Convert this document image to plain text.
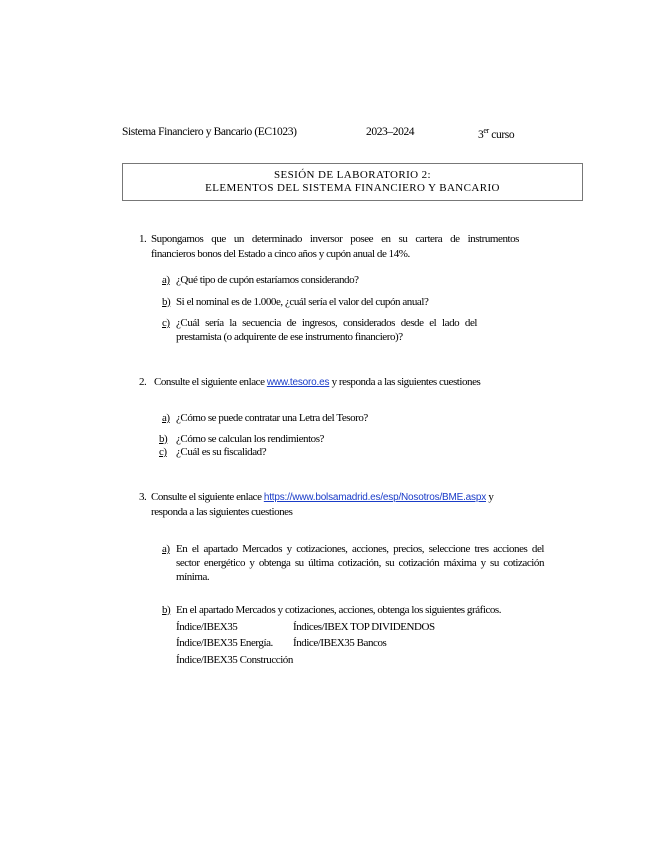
Sistema Financiero y Bancario (EC1023)	2023–2024	3er curso
SESIÓN DE LABORATORIO 2:
ELEMENTOS DEL SISTEMA FINANCIERO Y BANCARIO
1. Supongamos que un determinado inversor posee en su cartera de instrumentos
financieros bonos del Estado a cinco años y cupón anual de 14%.
a) ¿Qué tipo de cupón estaríamos considerando?
b) Si el nominal es de 1.000e, ¿cuál sería el valor del cupón anual?
c) ¿Cuál sería la secuencia de ingresos, considerados desde el lado del
prestamista (o adquirente de ese instrumento financiero)?
2. Consulte el siguiente enlace www.tesoro.es y responda a las siguientes cuestiones
a) ¿Cómo se puede contratar una Letra del Tesoro?
b) ¿Cómo se calculan los rendimientos?
c) ¿Cuál es su fiscalidad?
3. Consulte el siguiente enlace https://www.bolsamadrid.es/esp/Nosotros/BME.aspx y
responda a las siguientes cuestiones
a) En el apartado Mercados y cotizaciones, acciones, precios, seleccione tres acciones del
sector energético y obtenga su última cotización, su cotización máxima y su cotización
mínima.
b) En el apartado Mercados y cotizaciones, acciones, obtenga los siguientes gráficos.
Índice/IBEX35	Índices/IBEX TOP DIVIDENDOS
Índice/IBEX35 Energía. Índice/IBEX35 Bancos
Índice/IBEX35 Construcción
